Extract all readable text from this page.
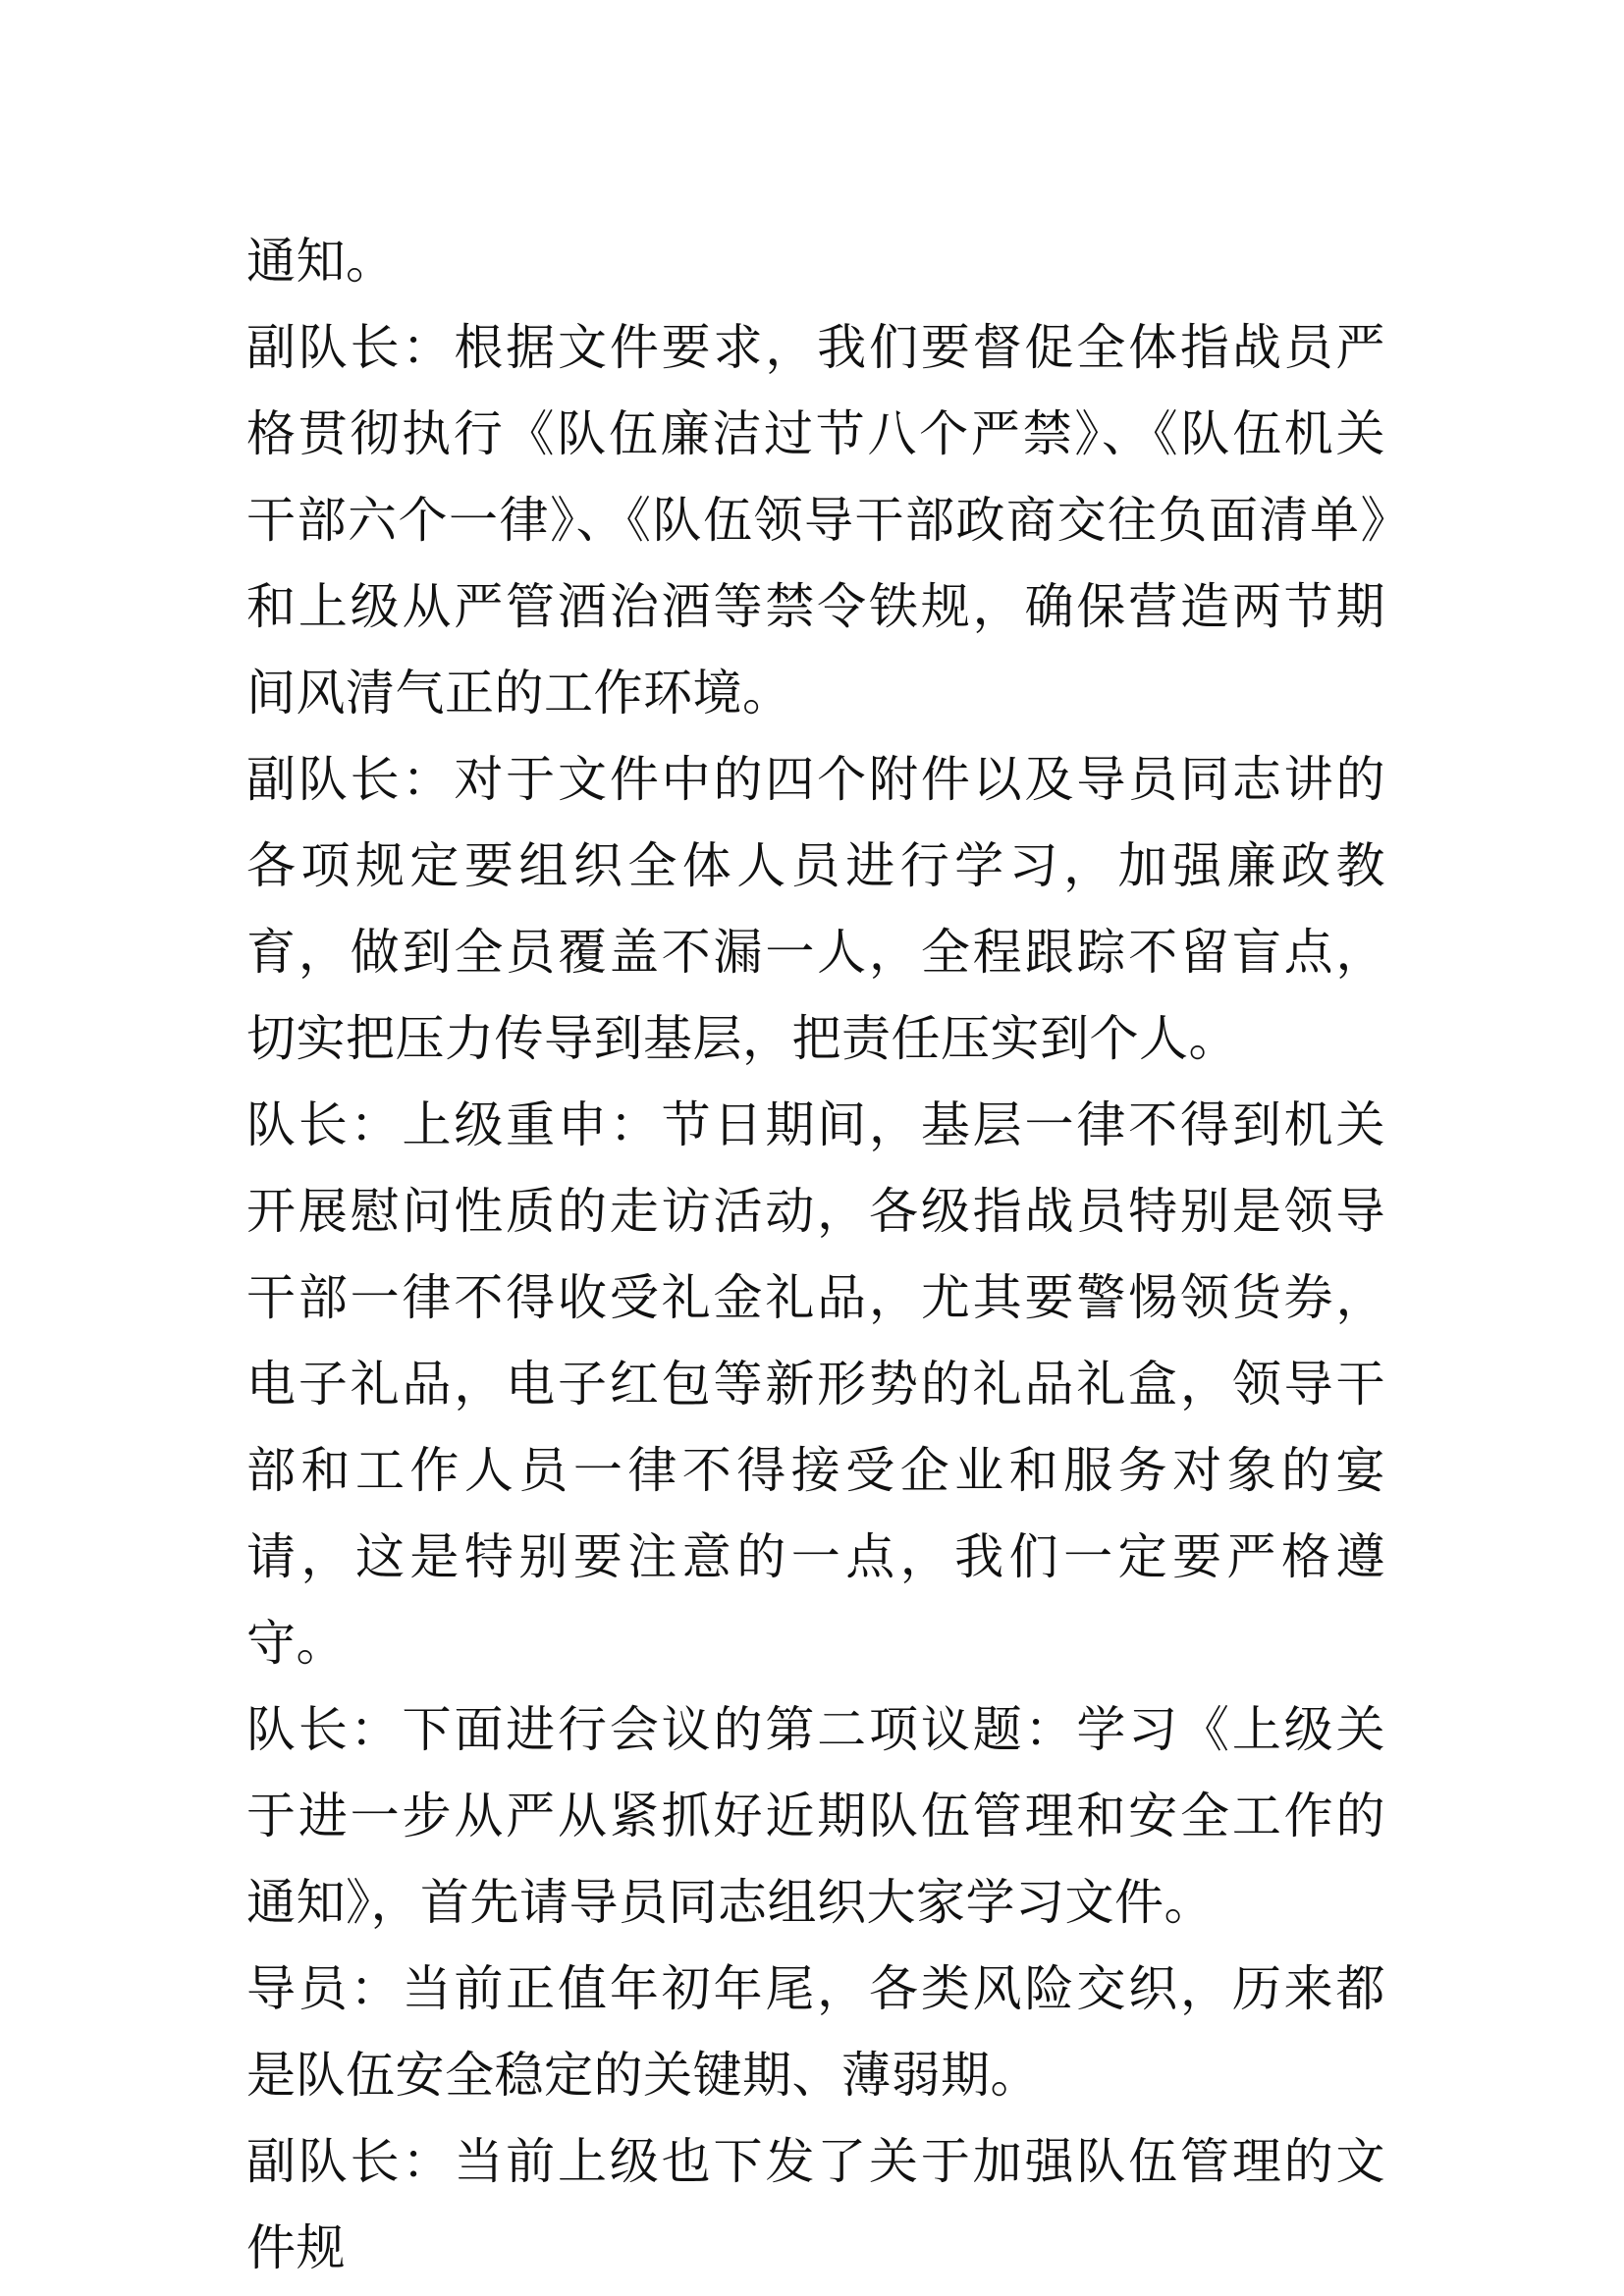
通知。

副队长：根据文件要求，我们要督促全体指战员严格贯彻执行《队伍廉洁过节八个严禁》、《队伍机关干部六个一律》、《队伍领导干部政商交往负面清单》和上级从严管酒治酒等禁令铁规，确保营造两节期间风清气正的工作环境。

副队长：对于文件中的四个附件以及导员同志讲的各项规定要组织全体人员进行学习，加强廉政教育，做到全员覆盖不漏一人，全程跟踪不留盲点，切实把压力传导到基层，把责任压实到个人。

队长：上级重申：节日期间，基层一律不得到机关开展慰问性质的走访活动，各级指战员特别是领导干部一律不得收受礼金礼品，尤其要警惕领货券，电子礼品，电子红包等新形势的礼品礼盒，领导干部和工作人员一律不得接受企业和服务对象的宴请，这是特别要注意的一点，我们一定要严格遵守。

队长：下面进行会议的第二项议题：学习《上级关于进一步从严从紧抓好近期队伍管理和安全工作的通知》，首先请导员同志组织大家学习文件。

导员：当前正值年初年尾，各类风险交织，历来都是队伍安全稳定的关键期、薄弱期。

副队长：当前上级也下发了关于加强队伍管理的文件规
